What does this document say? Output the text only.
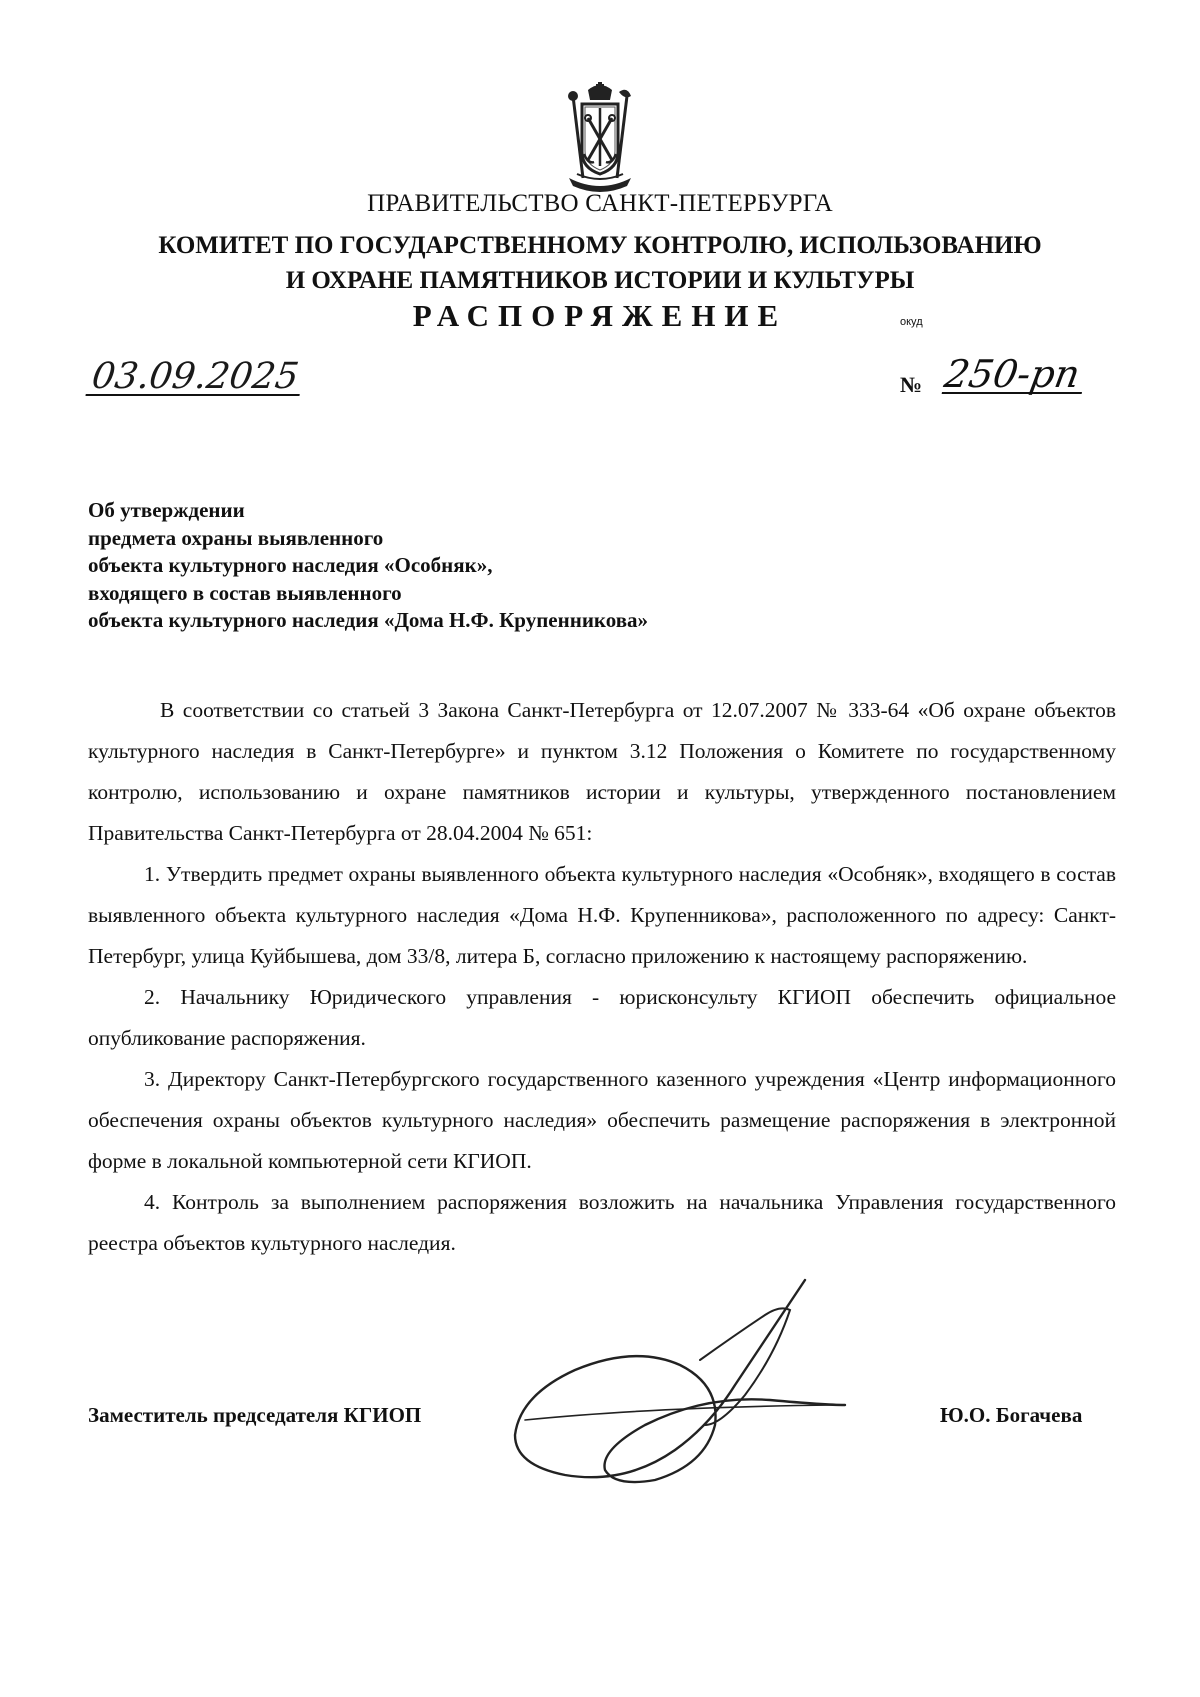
ПРАВИТЕЛЬСТВО САНКТ-ПЕТЕРБУРГА
КОМИТЕТ ПО ГОСУДАРСТВЕННОМУ КОНТРОЛЮ, ИСПОЛЬЗОВАНИЮ
И ОХРАНЕ ПАМЯТНИКОВ ИСТОРИИ И КУЛЬТУРЫ
РАСПОРЯЖЕНИЕ	окуд
03.09.2025	№ 250-рп
Об утверждении
предмета охраны выявленного
объекта культурного наследия «Особняк»,
входящего в состав выявленного
объекта культурного наследия «Дома Н.Ф. Крупенникова»

В соответствии со статьей 3 Закона Санкт-Петербурга от 12.07.2007 № 333-64 «Об охране объектов культурного наследия в Санкт-Петербурге» и пунктом 3.12 Положения о Комитете по государственному контролю, использованию и охране памятников истории и культуры, утвержденного постановлением Правительства Санкт-Петербурга от 28.04.2004 № 651:

1. Утвердить предмет охраны выявленного объекта культурного наследия «Особняк», входящего в состав выявленного объекта культурного наследия «Дома Н.Ф. Крупенникова», расположенного по адресу: Санкт-Петербург, улица Куйбышева, дом 33/8, литера Б, согласно приложению к настоящему распоряжению.

2. Начальнику Юридического управления - юрисконсульту КГИОП обеспечить официальное опубликование распоряжения.

3. Директору Санкт-Петербургского государственного казенного учреждения «Центр информационного обеспечения охраны объектов культурного наследия» обеспечить размещение распоряжения в электронной форме в локальной компьютерной сети КГИОП.

4. Контроль за выполнением распоряжения возложить на начальника Управления государственного реестра объектов культурного наследия.

Заместитель председателя КГИОП	Ю.О. Богачева
